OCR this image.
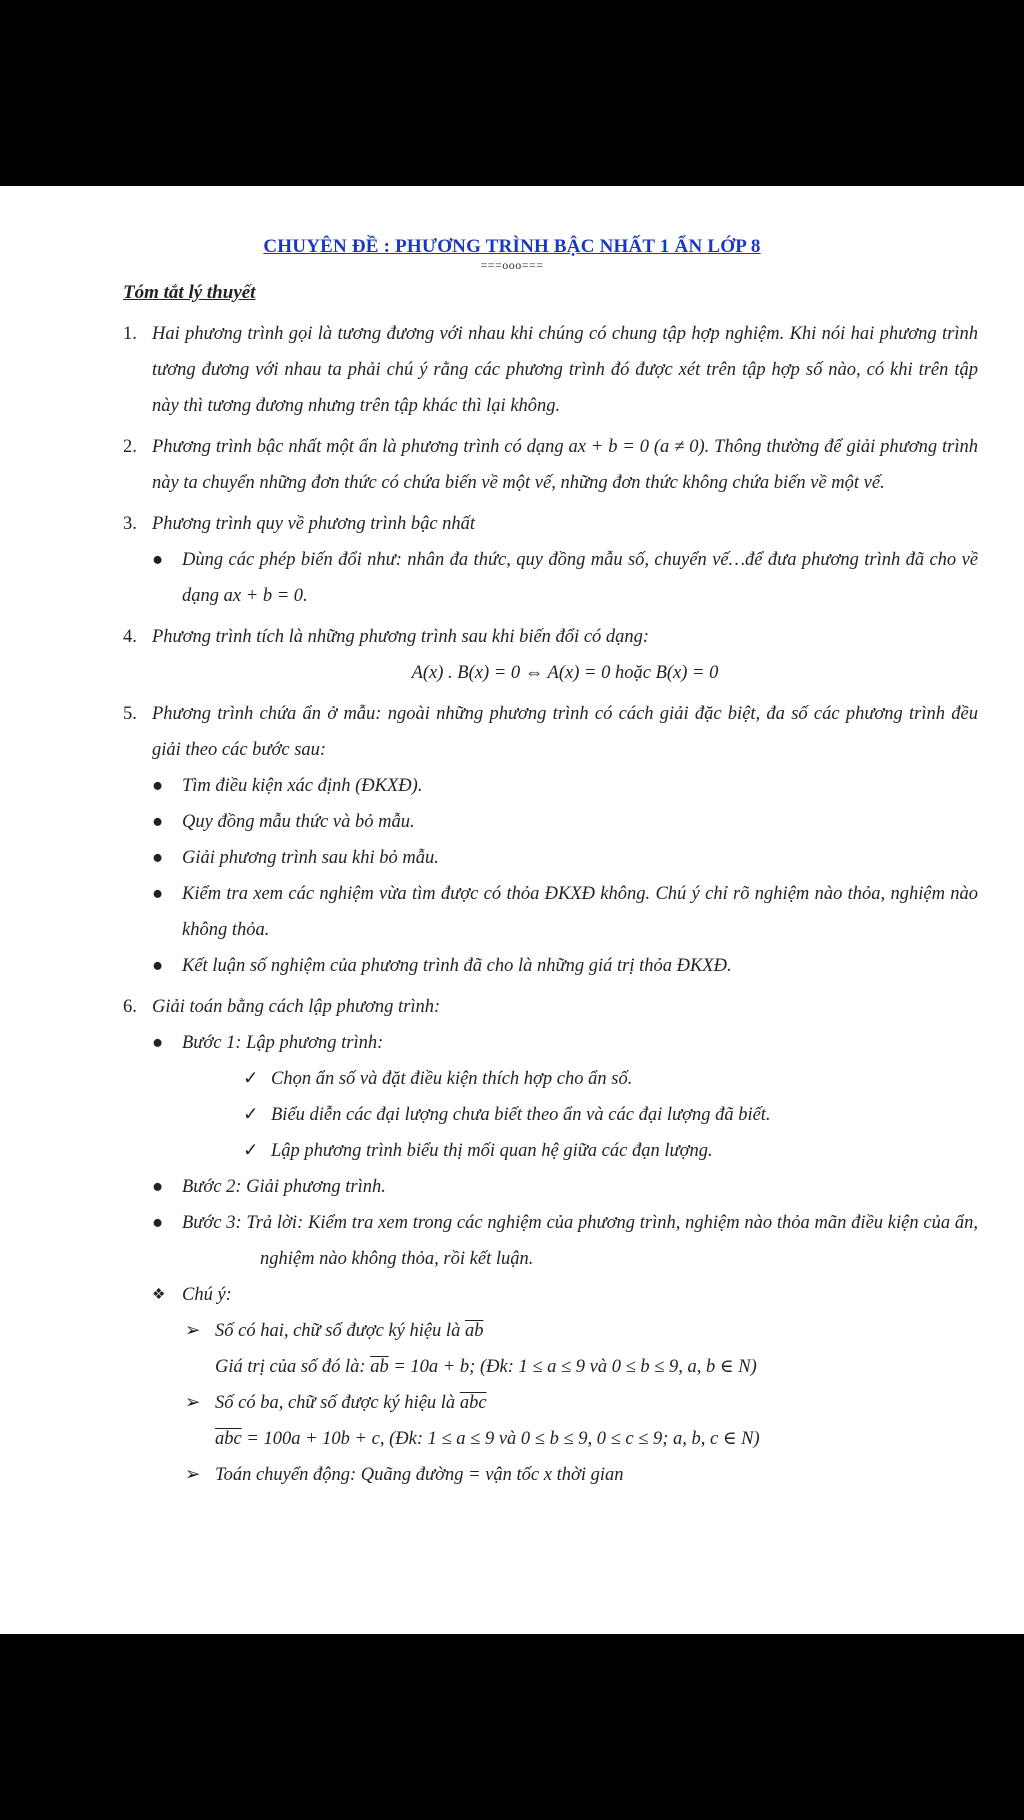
CHUYÊN ĐỀ : PHƯƠNG TRÌNH BẬC NHẤT 1 ẨN LỚP 8
===ooo===
Tóm tắt lý thuyết
1. Hai phương trình gọi là tương đương với nhau khi chúng có chung tập hợp nghiệm. Khi nói hai phương trình tương đương với nhau ta phải chú ý rằng các phương trình đó được xét trên tập hợp số nào, có khi trên tập này thì tương đương nhưng trên tập khác thì lại không.
2. Phương trình bậc nhất một ẩn là phương trình có dạng ax + b = 0 (a ≠ 0). Thông thường để giải phương trình này ta chuyển những đơn thức có chứa biến về một vế, những đơn thức không chứa biến về một vế.
3. Phương trình quy về phương trình bậc nhất
●	Dùng các phép biến đổi như: nhân đa thức, quy đồng mẫu số, chuyển vế…để đưa phương trình đã cho về dạng ax + b = 0.
4. Phương trình tích là những phương trình sau khi biến đổi có dạng:
A(x) . B(x) = 0 ⇔ A(x) = 0 hoặc B(x) = 0
5. Phương trình chứa ẩn ở mẫu: ngoài những phương trình có cách giải đặc biệt, đa số các phương trình đều giải theo các bước sau:
●	Tìm điều kiện xác định (ĐKXĐ).
●	Quy đồng mẫu thức và bỏ mẫu.
●	Giải phương trình sau khi bỏ mẫu.
●	Kiểm tra xem các nghiệm vừa tìm được có thỏa ĐKXĐ không. Chú ý chỉ rõ nghiệm nào thỏa, nghiệm nào không thỏa.
●	Kết luận số nghiệm của phương trình đã cho là những giá trị thỏa ĐKXĐ.
6. Giải toán bằng cách lập phương trình:
●	Bước 1: Lập phương trình:
✓ Chọn ẩn số và đặt điều kiện thích hợp cho ẩn số.
✓ Biểu diễn các đại lượng chưa biết theo ẩn và các đại lượng đã biết.
✓ Lập phương trình biểu thị mối quan hệ giữa các đạn lượng.
●	Bước 2: Giải phương trình.
●	Bước 3: Trả lời: Kiểm tra xem trong các nghiệm của phương trình, nghiệm nào thỏa mãn điều kiện của ẩn, nghiệm nào không thỏa, rồi kết luận.
❖ Chú ý:
➢ Số có hai, chữ số được ký hiệu là $\overline{ab}$
Giá trị của số đó là: $\overline{ab} = 10a + b$; (Đk: 1 ≤ a ≤ 9 và 0 ≤ b ≤ 9, a, b ∈ N)
➢ Số có ba, chữ số được ký hiệu là $\overline{abc}$
$\overline{abc} = 100a + 10b + c$, (Đk: 1 ≤ a ≤ 9 và 0 ≤ b ≤ 9, 0 ≤ c ≤ 9; a, b, c ∈ N)
➢ Toán chuyển động: Quãng đường = vận tốc x thời gian
